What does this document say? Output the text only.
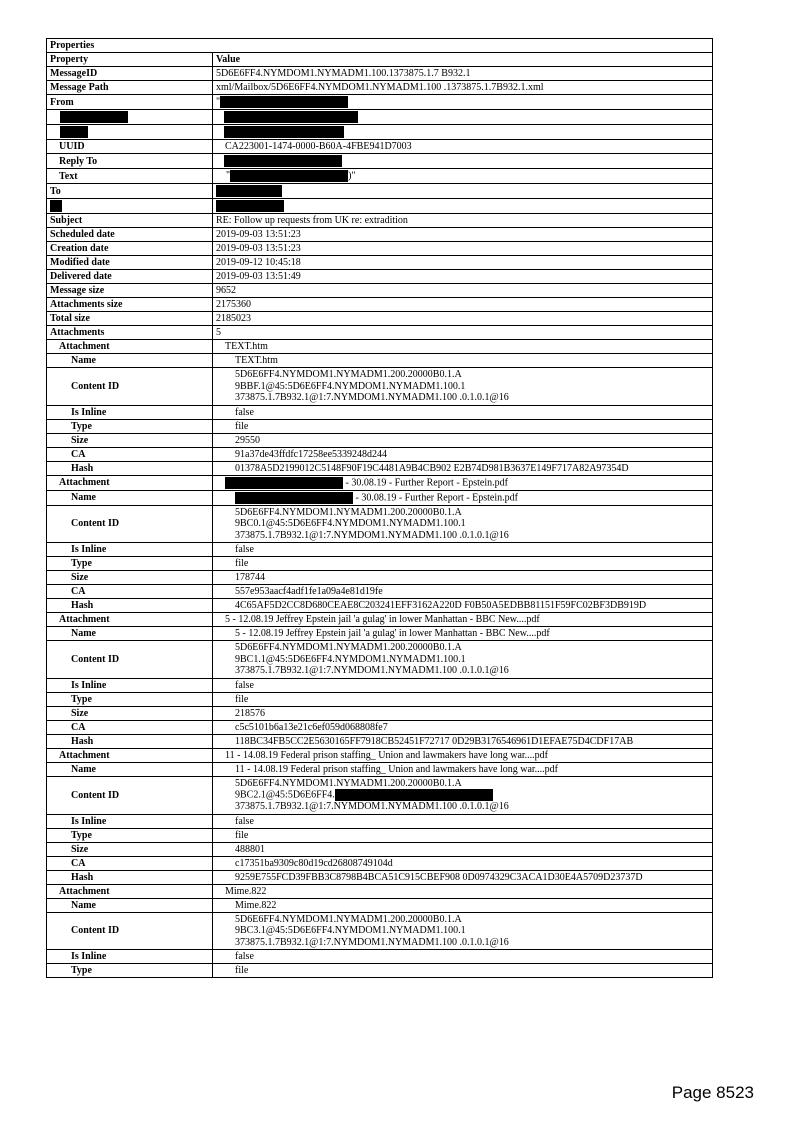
Properties	
Property	Value
MessageID	5D6E6FF4.NYMDOM1.NYMADM1.100.1373875.1.7 B932.1
Message Path	xml/Mailbox/5D6E6FF4.NYMDOM1.NYMADM1.100 .1373875.1.7B932.1.xml
From	"

UUID	CA223001-1474-0000-B60A-4FBE941D7003
Reply To	
Text	" )"
To	

Subject	RE: Follow up requests from UK re: extradition
Scheduled date	2019-09-03 13:51:23
Creation date	2019-09-03 13:51:23
Modified date	2019-09-12 10:45:18
Delivered date	2019-09-03 13:51:49
Message size	9652
Attachments size	2175360
Total size	2185023
Attachments	5
Attachment	TEXT.htm
Name	TEXT.htm
Content ID	5D6E6FF4.NYMDOM1.NYMADM1.200.20000B0.1.A
9BBF.1@45:5D6E6FF4.NYMDOM1.NYMADM1.100.1
373875.1.7B932.1@1:7.NYMDOM1.NYMADM1.100 .0.1.0.1@16

Is Inline	false
Type	file
Size	29550
CA	91a37de43ffdfc17258ee5339248d244
Hash	01378A5D2199012C5148F90F19C4481A9B4CB902 E2B74D981B3637E149F717A82A97354D
Attachment	- 30.08.19 - Further Report - Epstein.pdf
Name	- 30.08.19 - Further Report - Epstein.pdf
Content ID	5D6E6FF4.NYMDOM1.NYMADM1.200.20000B0.1.A
9BC0.1@45:5D6E6FF4.NYMDOM1.NYMADM1.100.1
373875.1.7B932.1@1:7.NYMDOM1.NYMADM1.100 .0.1.0.1@16

Is Inline	false
Type	file
Size	178744
CA	557e953aacf4adf1fe1a09a4e81d19fe
Hash	4C65AF5D2CC8D680CEAE8C203241EFF3162A220D F0B50A5EDBB81151F59FC02BF3DB919D
Attachment	5 - 12.08.19 Jeffrey Epstein jail 'a gulag' in lower Manhattan - BBC New....pdf
Name	5 - 12.08.19 Jeffrey Epstein jail 'a gulag' in lower Manhattan - BBC New....pdf
Content ID	5D6E6FF4.NYMDOM1.NYMADM1.200.20000B0.1.A
9BC1.1@45:5D6E6FF4.NYMDOM1.NYMADM1.100.1
373875.1.7B932.1@1:7.NYMDOM1.NYMADM1.100 .0.1.0.1@16

Is Inline	false
Type	file
Size	218576
CA	c5c5101b6a13e21c6ef059d068808fe7
Hash	118BC34FB5CC2E5630165FF7918CB52451F72717 0D29B3176546961D1EFAE75D4CDF17AB
Attachment	11 - 14.08.19 Federal prison staffing_ Union and lawmakers have long war....pdf
Name	11 - 14.08.19 Federal prison staffing_ Union and lawmakers have long war....pdf
Content ID	5D6E6FF4.NYMDOM1.NYMADM1.200.20000B0.1.A
9BC2.1@45:5D6E6FF4.
373875.1.7B932.1@1:7.NYMDOM1.NYMADM1.100 .0.1.0.1@16

Is Inline	false
Type	file
Size	488801
CA	c17351ba9309c80d19cd26808749104d
Hash	9259E755FCD39FBB3C8798B4BCA51C915CBEF908 0D0974329C3ACA1D30E4A5709D23737D
Attachment	Mime.822
Name	Mime.822
Content ID	5D6E6FF4.NYMDOM1.NYMADM1.200.20000B0.1.A
9BC3.1@45:5D6E6FF4.NYMDOM1.NYMADM1.100.1
373875.1.7B932.1@1:7.NYMDOM1.NYMADM1.100 .0.1.0.1@16

Is Inline	false
Type	file
Page 8523
